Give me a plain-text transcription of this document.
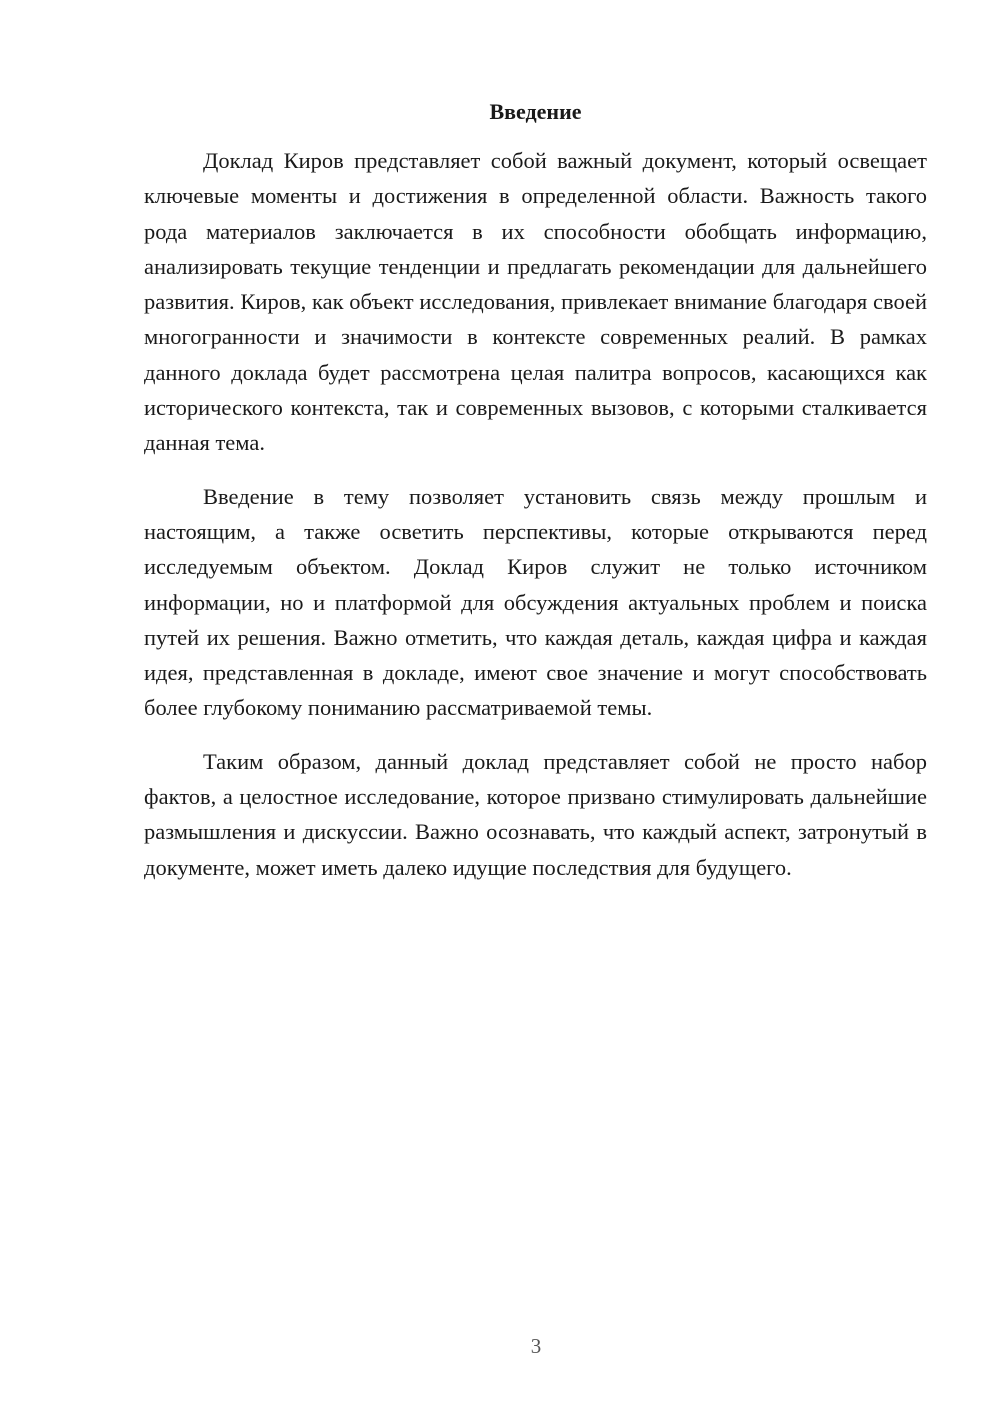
Введение

Доклад Киров представляет собой важный документ, который освещает ключевые моменты и достижения в определенной области. Важность такого рода материалов заключается в их способности обобщать информацию, анализировать текущие тенденции и предлагать рекомендации для дальнейшего развития. Киров, как объект исследования, привлекает внимание благодаря своей многогранности и значимости в контексте современных реалий. В рамках данного доклада будет рассмотрена целая палитра вопросов, касающихся как исторического контекста, так и современных вызовов, с которыми сталкивается данная тема.

Введение в тему позволяет установить связь между прошлым и настоящим, а также осветить перспективы, которые открываются перед исследуемым объектом. Доклад Киров служит не только источником информации, но и платформой для обсуждения актуальных проблем и поиска путей их решения. Важно отметить, что каждая деталь, каждая цифра и каждая идея, представленная в докладе, имеют свое значение и могут способствовать более глубокому пониманию рассматриваемой темы.

Таким образом, данный доклад представляет собой не просто набор фактов, а целостное исследование, которое призвано стимулировать дальнейшие размышления и дискуссии. Важно осознавать, что каждый аспект, затронутый в документе, может иметь далеко идущие последствия для будущего.

3
